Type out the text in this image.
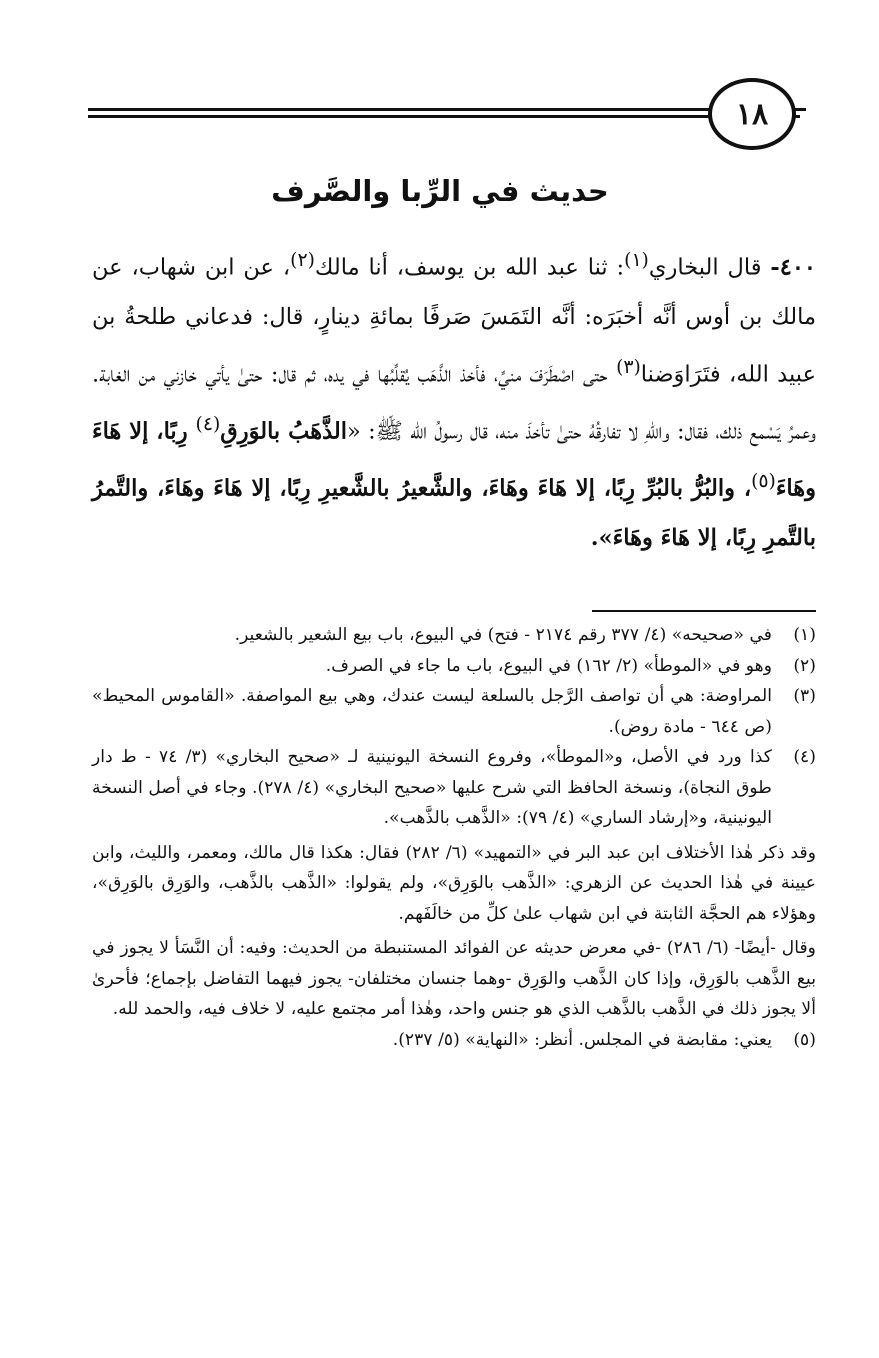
١٨
حديث في الرِّبا والصَّرف

٤٠٠- قال البخاري$^{(١)}$: ثنا عبد الله بن يوسف، أنا مالك$^{(٢)}$، عن ابن شهاب، عن مالك بن أوس أنَّه أخبَرَه: أنَّه التَمَسَ صَرفًا بمائةِ دينارٍ، قال: فدعاني طلحةُ بن عبيد الله، فتَرَاوَضنا$^{(٣)}$ حتى اصْطَرَفَ منيِّ، فأخذ الذَّهَب يُقلِّبُها في يده، ثم قال: حتىٰ يأتي خازني من الغابة. وعمرُ يَسْمع ذلك، فقال: واللهِ لا تفارقُهُ حتىٰ تأخذَ منه، قال رسولُ الله ﷺ: «الذَّهَبُ بالوَرِقِ$^{(٤)}$ رِبًا، إلا هَاءَ وهَاءَ$^{(٥)}$، والبُرُّ بالبُرِّ رِبًا، إلا هَاءَ وهَاءَ، والشَّعيرُ بالشَّعيرِ رِبًا، إلا هَاءَ وهَاءَ، والتَّمرُ بالتَّمرِ رِبًا، إلا هَاءَ وهَاءَ».

(١)
في «صحيحه» (٤/ ٣٧٧ رقم ٢١٧٤ - فتح) في البيوع، باب بيع الشعير بالشعير.
(٢)
وهو في «الموطأ» (٢/ ١٦٢) في البيوع، باب ما جاء في الصرف.
(٣)
المراوضة: هي أن تواصف الرَّجل بالسلعة ليست عندك، وهي بيع المواصفة. «القاموس المحيط» (ص ٦٤٤ - مادة روض).
(٤)
كذا ورد في الأصل، و«الموطأ»، وفروع النسخة اليونينية لـ «صحيح البخاري» (٣/ ٧٤ - ط دار طوق النجاة)، ونسخة الحافظ التي شرح عليها «صحيح البخاري» (٤/ ٢٧٨). وجاء في أصل النسخة اليونينية، و«إرشاد الساري» (٤/ ٧٩): «الذَّهب بالذَّهب».

وقد ذكر هٰذا الأختلاف ابن عبد البر في «التمهيد» (٦/ ٢٨٢) فقال: هكذا قال مالك، ومعمر، والليث، وابن عيينة في هٰذا الحديث عن الزهري: «الذَّهب بالوَرِق»، ولم يقولوا: «الذَّهب بالذَّهب، والوَرِق بالوَرِق»، وهؤلاء هم الحجَّة الثابتة في ابن شهاب علىٰ كلِّ من خالَفَهم.

وقال -أيضًا- (٦/ ٢٨٦) -في معرض حديثه عن الفوائد المستنبطة من الحديث: وفيه: أن النَّسَأ لا يجوز في بيع الذَّهب بالوَرِق، وإذا كان الذَّهب والوَرِق -وهما جنسان مختلفان- يجوز فيهما التفاضل بإجماع؛ فأحرىٰ ألا يجوز ذلك في الذَّهب بالذَّهب الذي هو جنس واحد، وهٰذا أمر مجتمع عليه، لا خلاف فيه، والحمد لله.

(٥)
يعني: مقابضة في المجلس. أنظر: «النهاية» (٥/ ٢٣٧).
